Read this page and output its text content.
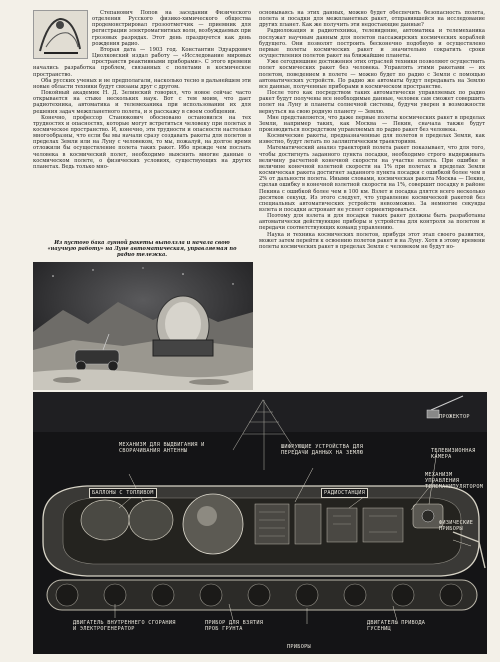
Степанович Попов на заседании Физического отделения Русского физико-химического общества продемонстрировал грозоотметчик — приемник для регистрации электромагнитных волн, возбуждаемых при грозовых разрядах. Этот день празднуется как день рождения радио.

Вторая дата — 1903 год. Константин Эдуардович Циолковский издал работу — «Исследование мировых пространств реактивными приборами». С этого времени начались разработка проблем, связанных с полетами в космическое пространство.

Оба русских ученых и не предполагали, насколько тесно в дальнейшем эти новые области техники будут связаны друг с другом.

Покойный академик Н. Д. Зелинский говорил, что новое сейчас часто открывается на стыке нескольких наук. Вот с тем моим, что дает радиотехника, автоматика и телемеханика при использовании их для решения задач межпланетного полета, и я расскажу в своем сообщении.

Конечно, профессор Станюкович обосновано остановился на тех трудностях и опасностях, которые могут встретиться человеку при полетах в космическое пространство. И, конечно, эти трудности и опасности настолько многообразны, что если бы мы начали сразу создавать ракеты для полетов в пределах Земли или на Луну с человеком, то мы, пожалуй, на долгое время отложили бы осуществление полета таких ракет. Ибо прежде чем послать человека в космический полет, необходимо выяснить многие данные о космическом полете, о физических условиях, существующих на других планетах. Ведь только мно-

Из пустого бака лунной ракеты выползла и начала свою «научную работу» на Луне автоматическая, управляемая по радио тележка.

основываясь на этих данных, можно будет обеспечить безопасность полета, полета и посадки для межпланетных ракет, отправившейся на исследование других планет. Как же получить эти недостающие данные?

Радиолокация и радиотехника, телевидение, автоматика и телемеханика послужат научным данным для полетов пассажирских космических кораблей будущего. Они позволят построить бесконечно подобную и осуществлено первые полеты космических ракет и значительно сократить сроки осуществления полетов ракет на ближайшие планеты.

Уже сегодняшние достижения этих отраслей техники позволяют осуществить полет космических ракет без человека. Управлять этими ракетами — их полетом, поведением в полете — можно будет по радио с Земли с помощью автоматических устройств. По радио же автоматы будут передавать на Землю все данные, полученные приборами в космическом пространстве.

После того как посредством таких автоматически управляемых по радио ракет будут получены все необходимые данные, человек сам сможет совершить полет на Луну и планеты солнечной системы, будучи уверен в возможности вернуться на свою родную планету — Землю.

Мне представляется, что даже первые полеты космических ракет в пределах Земли, например таких, как Москва — Пекин, сначала также будут производиться посредством управляемых по радио ракет без человека.

Космические ракеты, предназначенные для полетов в пределах Земли, как известно, будут летать по заллиптическим траекториям.

Математический анализ траекторий полета ракет показывает, что для того, чтобы достигнуть заданного пункта посадки, необходимо строго выдерживать величину расчетной конечной скорости на участке взлета. При ошибке в величине конечной взлетной скорости на 1% при полетах в пределах Земли космическая ракета достигнет заданного пункта посадки с ошибкой более чем в 2% от дальности полета. Иными словами, космическая ракета Москва — Пекин, сделав ошибку в конечной взлетной скорости на 1%, совершит посадку в районе Пекина с ошибкой более чем в 100 км. Взлет и посадка длятся всего несколько десятков секунд. Из этого следует, что управление космической ракетой без специальных автоматических устройств невозможно. За немногие секунды взлета и посадки астронавт не успеет сориентироваться.

Поэтому для взлета и для посадки таких ракет должны быть разработаны автоматически действующие приборы и устройства для контроля за полетом и передачи соответствующих команд управлению.

Наука и техника космических полетов, прибудя этот этап своего развития, может затем перейти к освоению полетов ракет и на Луну. Хотя в этому времени полеты космических ракет в пределах Земли с человеком не будут но-

ПРОЖЕКТОР
МЕХАНИЗМ ДЛЯ ВЫДВИГАНИЯ И СВОРАЧИВАНИЯ АНТЕННЫ
ШИФРУЮЩИЕ УСТРОЙСТВА ДЛЯ ПЕРЕДАЧИ ДАННЫХ НА ЗЕМЛЮ	ТЕЛЕВИЗИОННАЯ КАМЕРА
БАЛЛОНЫ С ТОПЛИВОМ	РАДИОСТАНЦИЯ
МЕХАНИЗМ УПРАВЛЕНИЯ ТЕЛЕМАНИПУЛЯТОРОМ
ФИЗИЧЕСКИЕ ПРИБОРЫ
ДВИГАТЕЛЬ ВНУТРЕННЕГО СГОРАНИЯ И ЭЛЕКТРОГЕНЕРАТОР
ПРИБОР ДЛЯ ВЗЯТИЯ ПРОБ ГРУНТА
ПРИБОРЫ
ДВИГАТЕЛЬ ПРИВОДА ГУСЕНИЦ
